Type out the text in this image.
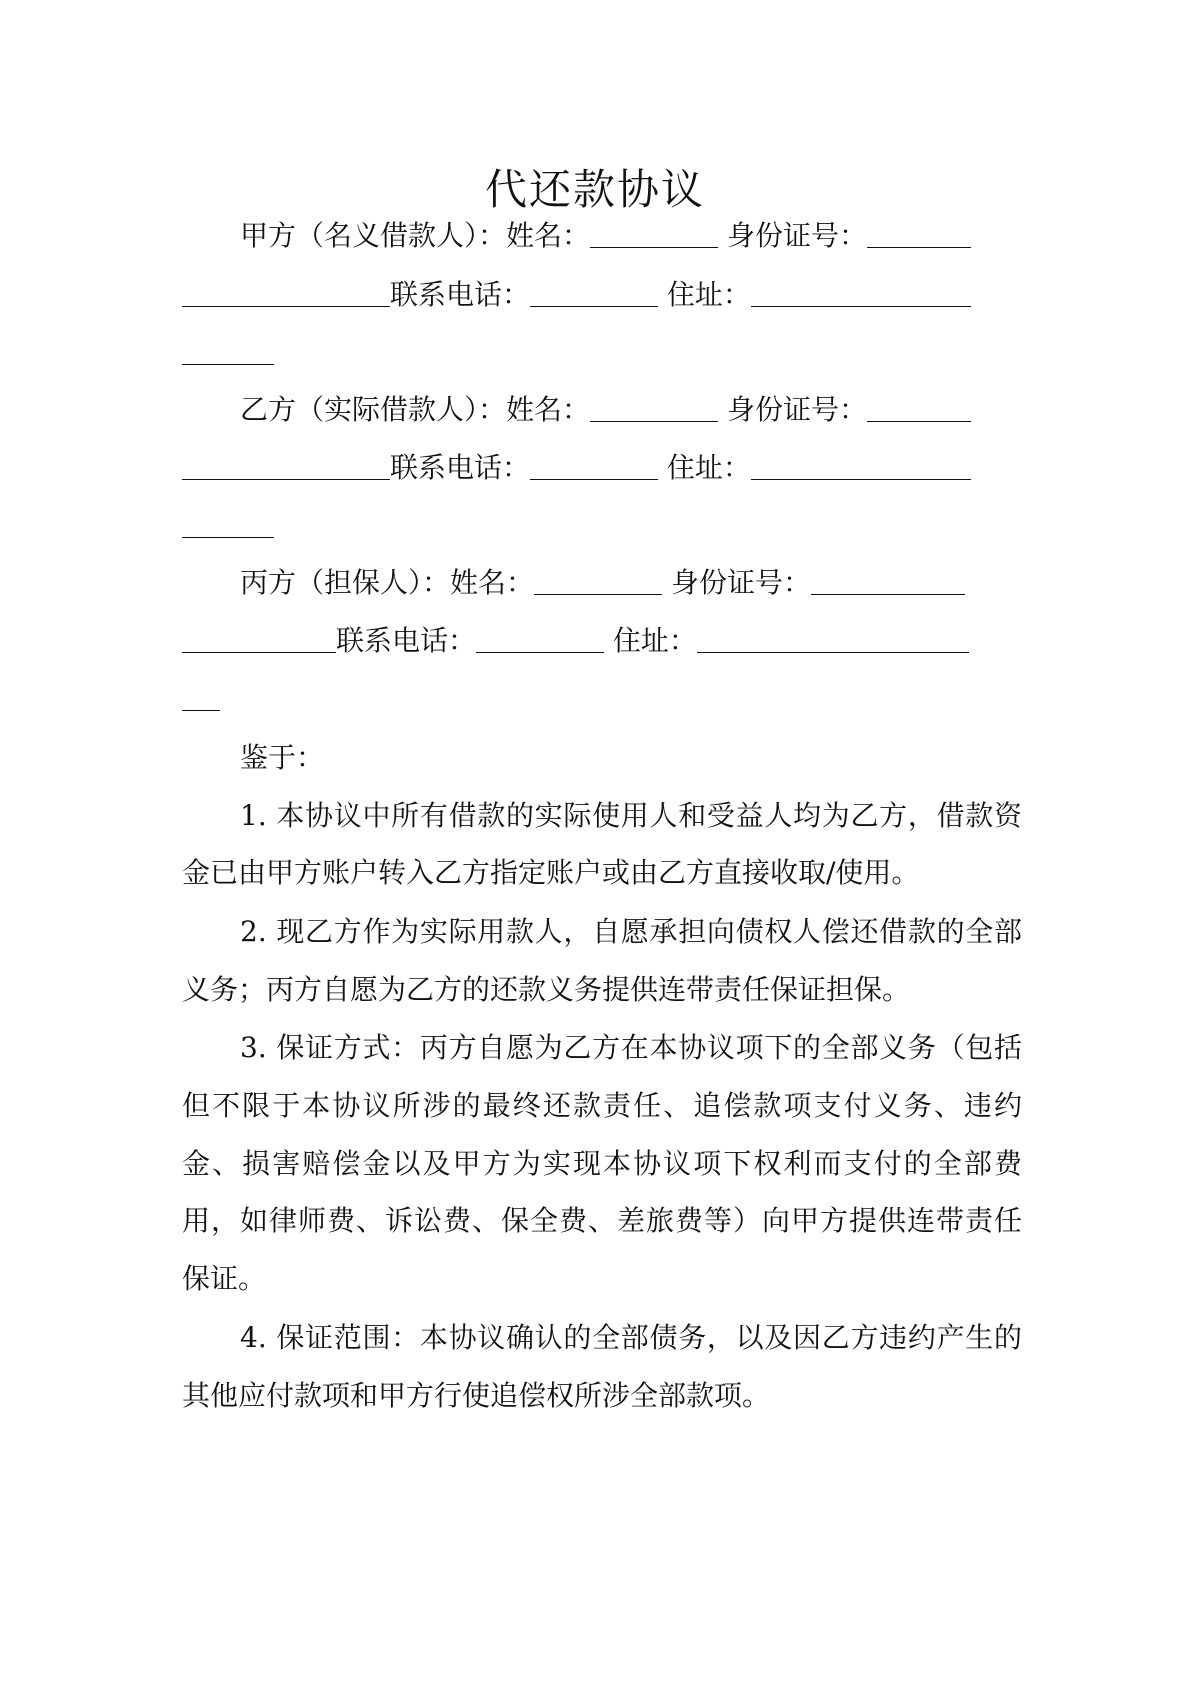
代还款协议
甲方（名义借款人）：姓名：	身份证号：
联系电话：	住址：
乙方（实际借款人）：姓名：	身份证号：
联系电话：	住址：
丙方（担保人）：姓名：	身份证号：
联系电话：	住址：
鉴于：
1. 本协议中所有借款的实际使用人和受益人均为乙方，借款资
金已由甲方账户转入乙方指定账户或由乙方直接收取/使用。
2. 现乙方作为实际用款人，自愿承担向债权人偿还借款的全部
义务；丙方自愿为乙方的还款义务提供连带责任保证担保。
3. 保证方式：丙方自愿为乙方在本协议项下的全部义务（包括
但不限于本协议所涉的最终还款责任、追偿款项支付义务、违约
金、损害赔偿金以及甲方为实现本协议项下权利而支付的全部费
用，如律师费、诉讼费、保全费、差旅费等）向甲方提供连带责任
保证。
4. 保证范围：本协议确认的全部债务，以及因乙方违约产生的
其他应付款项和甲方行使追偿权所涉全部款项。
